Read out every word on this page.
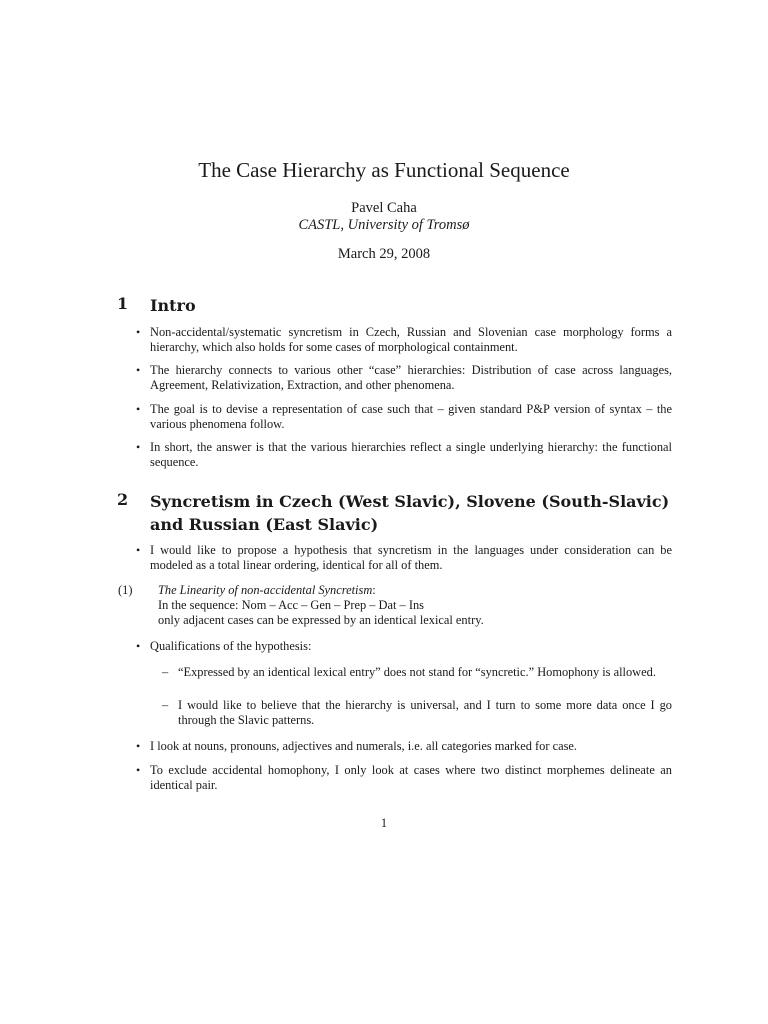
The Case Hierarchy as Functional Sequence
Pavel Caha
CASTL, University of Tromsø
March 29, 2008
1 Intro
• Non-accidental/systematic syncretism in Czech, Russian and Slovenian case morphology forms a hierarchy, which also holds for some cases of morphological containment.
• The hierarchy connects to various other “case” hierarchies: Distribution of case across languages, Agreement, Relativization, Extraction, and other phenomena.
• The goal is to devise a representation of case such that – given standard P&P version of syntax – the various phenomena follow.
• In short, the answer is that the various hierarchies reflect a single underlying hierarchy: the functional sequence.
2 Syncretism in Czech (West Slavic), Slovene (South-Slavic)
and Russian (East Slavic)
• I would like to propose a hypothesis that syncretism in the languages under consideration can be modeled as a total linear ordering, identical for all of them.
(1) The Linearity of non-accidental Syncretism:
In the sequence: Nom – Acc – Gen – Prep – Dat – Ins
only adjacent cases can be expressed by an identical lexical entry.
• Qualifications of the hypothesis:
– “Expressed by an identical lexical entry” does not stand for “syncretic.” Homophony is allowed.
– I would like to believe that the hierarchy is universal, and I turn to some more data once I go through the Slavic patterns.
• I look at nouns, pronouns, adjectives and numerals, i.e. all categories marked for case.
• To exclude accidental homophony, I only look at cases where two distinct morphemes delineate an identical pair.
1
